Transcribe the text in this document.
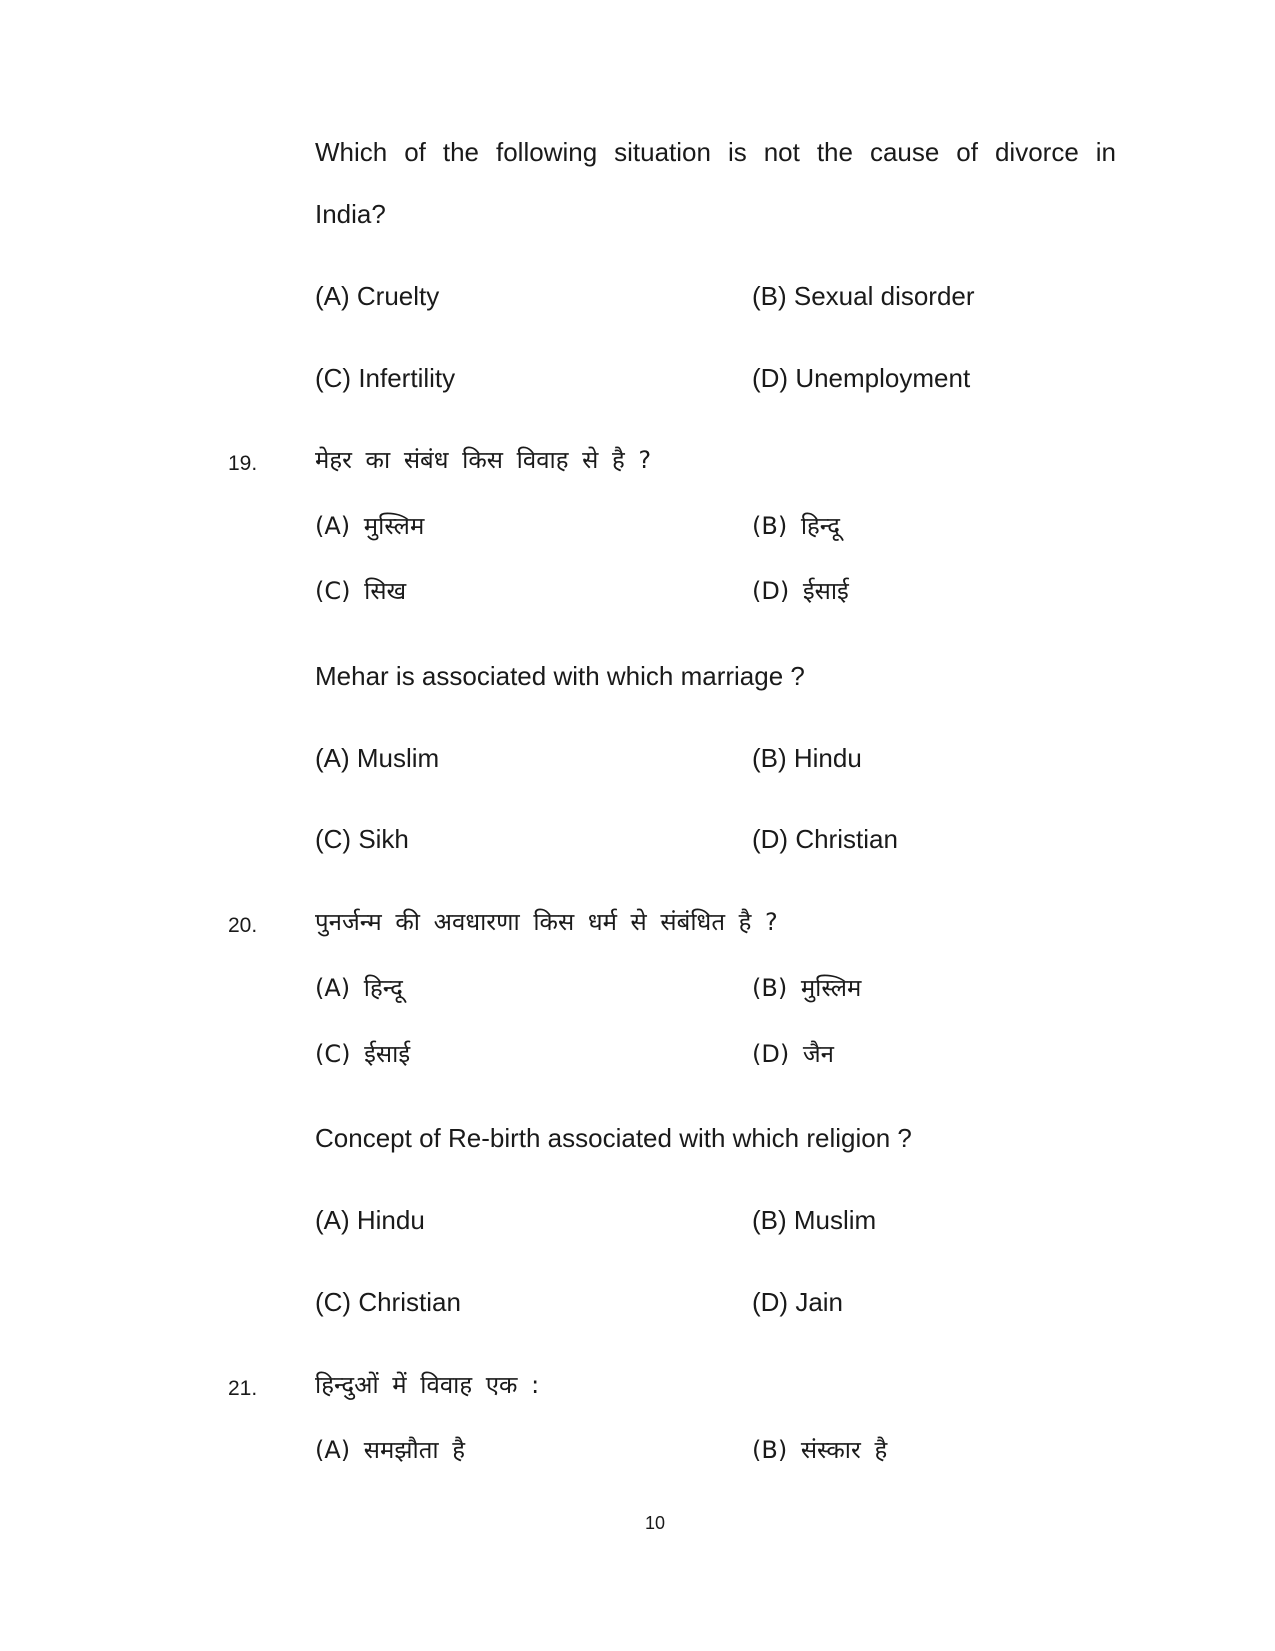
Which of the following situation is not the cause of divorce in
India?
(A) Cruelty	(B) Sexual disorder
(C) Infertility	(D) Unemployment
19. मेहर का संबंध किस विवाह से है ?
(A) मुस्लिम	(B) हिन्दू
(C) सिख	(D) ईसाई
Mehar is associated with which marriage ?
(A) Muslim	(B) Hindu
(C) Sikh	(D) Christian
20. पुनर्जन्म की अवधारणा किस धर्म से संबंधित है ?
(A) हिन्दू	(B) मुस्लिम
(C) ईसाई	(D) जैन
Concept of Re-birth associated with which religion ?
(A) Hindu	(B) Muslim
(C) Christian	(D) Jain
21. हिन्दुओं में विवाह एक :
(A) समझौता है	(B) संस्कार है
10
